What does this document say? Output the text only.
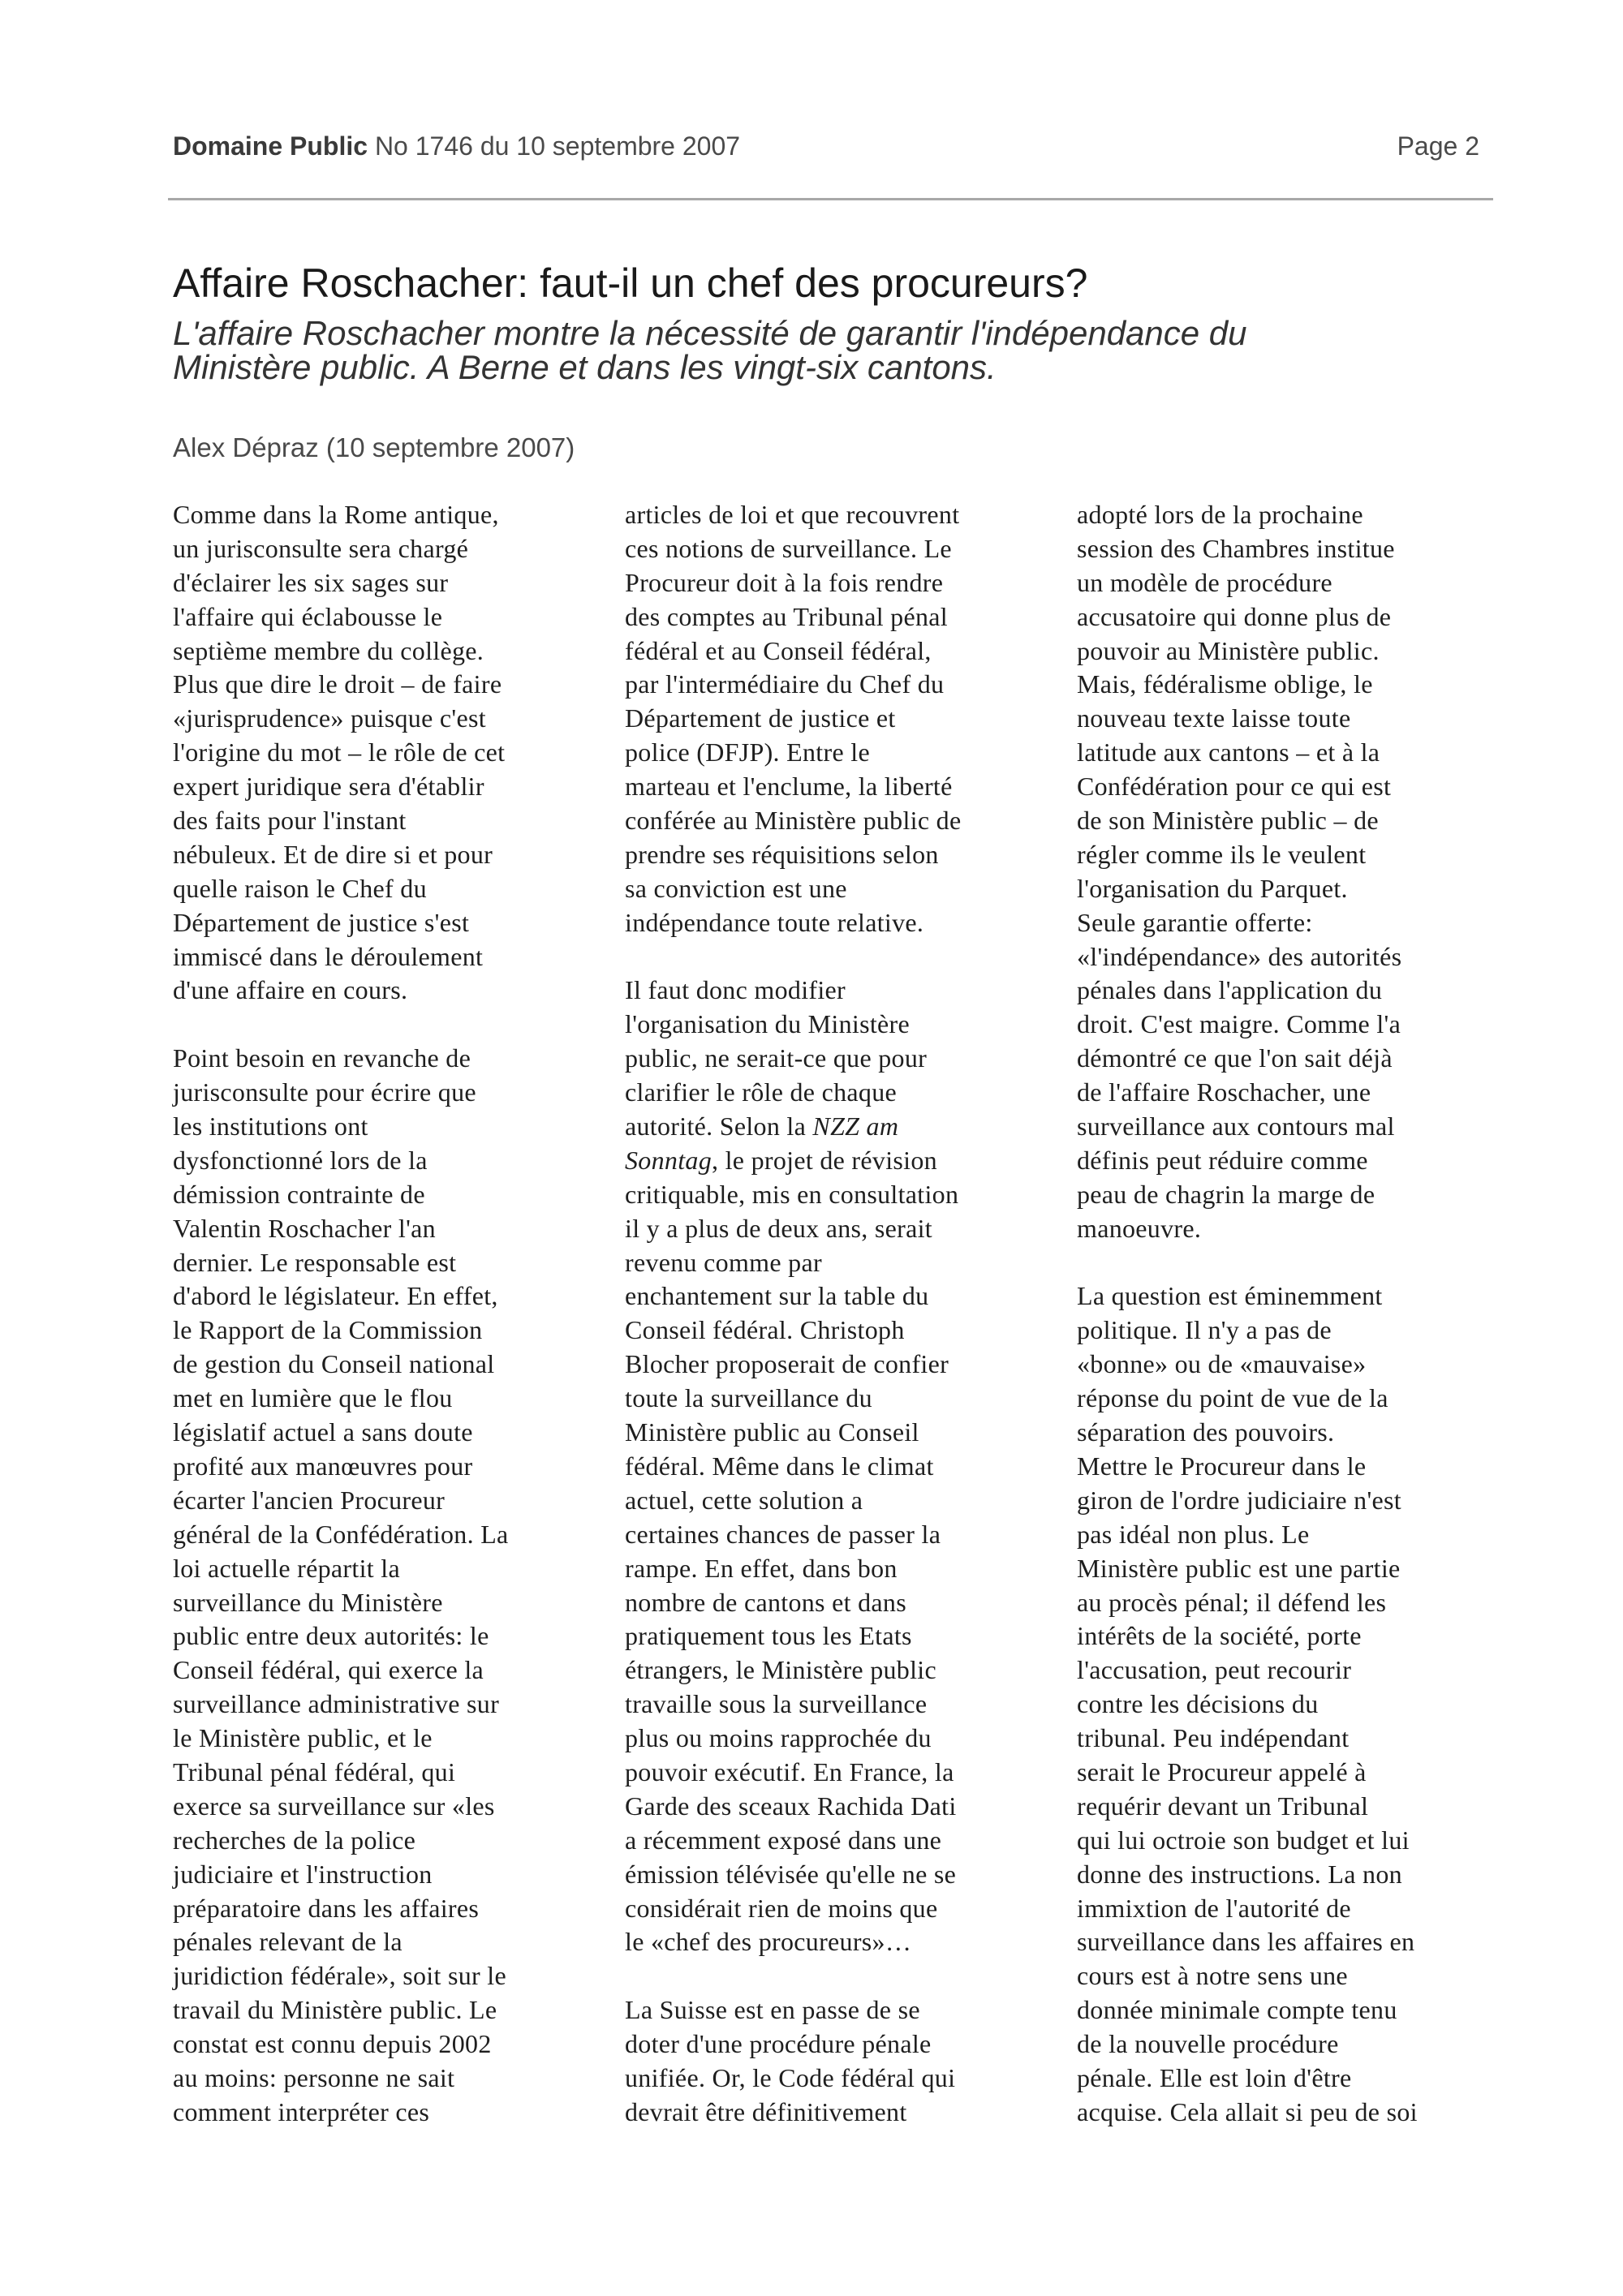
Domaine Public No 1746 du 10 septembre 2007	Page 2
Affaire Roschacher: faut-il un chef des procureurs?
L'affaire Roschacher montre la nécessité de garantir l'indépendance du
Ministère public. A Berne et dans les vingt-six cantons.
Alex Dépraz (10 septembre 2007)
Comme dans la Rome antique,
un jurisconsulte sera chargé
d'éclairer les six sages sur
l'affaire qui éclabousse le
septième membre du collège.
Plus que dire le droit – de faire
«jurisprudence» puisque c'est
l'origine du mot – le rôle de cet
expert juridique sera d'établir
des faits pour l'instant
nébuleux. Et de dire si et pour
quelle raison le Chef du
Département de justice s'est
immiscé dans le déroulement
d'une affaire en cours.
Point besoin en revanche de
jurisconsulte pour écrire que
les institutions ont
dysfonctionné lors de la
démission contrainte de
Valentin Roschacher l'an
dernier. Le responsable est
d'abord le législateur. En effet,
le Rapport de la Commission
de gestion du Conseil national
met en lumière que le flou
législatif actuel a sans doute
profité aux manœuvres pour
écarter l'ancien Procureur
général de la Confédération. La
loi actuelle répartit la
surveillance du Ministère
public entre deux autorités: le
Conseil fédéral, qui exerce la
surveillance administrative sur
le Ministère public, et le
Tribunal pénal fédéral, qui
exerce sa surveillance sur «les
recherches de la police
judiciaire et l'instruction
préparatoire dans les affaires
pénales relevant de la
juridiction fédérale», soit sur le
travail du Ministère public. Le
constat est connu depuis 2002
au moins: personne ne sait
comment interpréter ces
articles de loi et que recouvrent
ces notions de surveillance. Le
Procureur doit à la fois rendre
des comptes au Tribunal pénal
fédéral et au Conseil fédéral,
par l'intermédiaire du Chef du
Département de justice et
police (DFJP). Entre le
marteau et l'enclume, la liberté
conférée au Ministère public de
prendre ses réquisitions selon
sa conviction est une
indépendance toute relative.
Il faut donc modifier
l'organisation du Ministère
public, ne serait-ce que pour
clarifier le rôle de chaque
autorité. Selon la NZZ am
Sonntag, le projet de révision
critiquable, mis en consultation
il y a plus de deux ans, serait
revenu comme par
enchantement sur la table du
Conseil fédéral. Christoph
Blocher proposerait de confier
toute la surveillance du
Ministère public au Conseil
fédéral. Même dans le climat
actuel, cette solution a
certaines chances de passer la
rampe. En effet, dans bon
nombre de cantons et dans
pratiquement tous les Etats
étrangers, le Ministère public
travaille sous la surveillance
plus ou moins rapprochée du
pouvoir exécutif. En France, la
Garde des sceaux Rachida Dati
a récemment exposé dans une
émission télévisée qu'elle ne se
considérait rien de moins que
le «chef des procureurs»…
La Suisse est en passe de se
doter d'une procédure pénale
unifiée. Or, le Code fédéral qui
devrait être définitivement
adopté lors de la prochaine
session des Chambres institue
un modèle de procédure
accusatoire qui donne plus de
pouvoir au Ministère public.
Mais, fédéralisme oblige, le
nouveau texte laisse toute
latitude aux cantons – et à la
Confédération pour ce qui est
de son Ministère public – de
régler comme ils le veulent
l'organisation du Parquet.
Seule garantie offerte:
«l'indépendance» des autorités
pénales dans l'application du
droit. C'est maigre. Comme l'a
démontré ce que l'on sait déjà
de l'affaire Roschacher, une
surveillance aux contours mal
définis peut réduire comme
peau de chagrin la marge de
manoeuvre.
La question est éminemment
politique. Il n'y a pas de
«bonne» ou de «mauvaise»
réponse du point de vue de la
séparation des pouvoirs.
Mettre le Procureur dans le
giron de l'ordre judiciaire n'est
pas idéal non plus. Le
Ministère public est une partie
au procès pénal; il défend les
intérêts de la société, porte
l'accusation, peut recourir
contre les décisions du
tribunal. Peu indépendant
serait le Procureur appelé à
requérir devant un Tribunal
qui lui octroie son budget et lui
donne des instructions. La non
immixtion de l'autorité de
surveillance dans les affaires en
cours est à notre sens une
donnée minimale compte tenu
de la nouvelle procédure
pénale. Elle est loin d'être
acquise. Cela allait si peu de soi
